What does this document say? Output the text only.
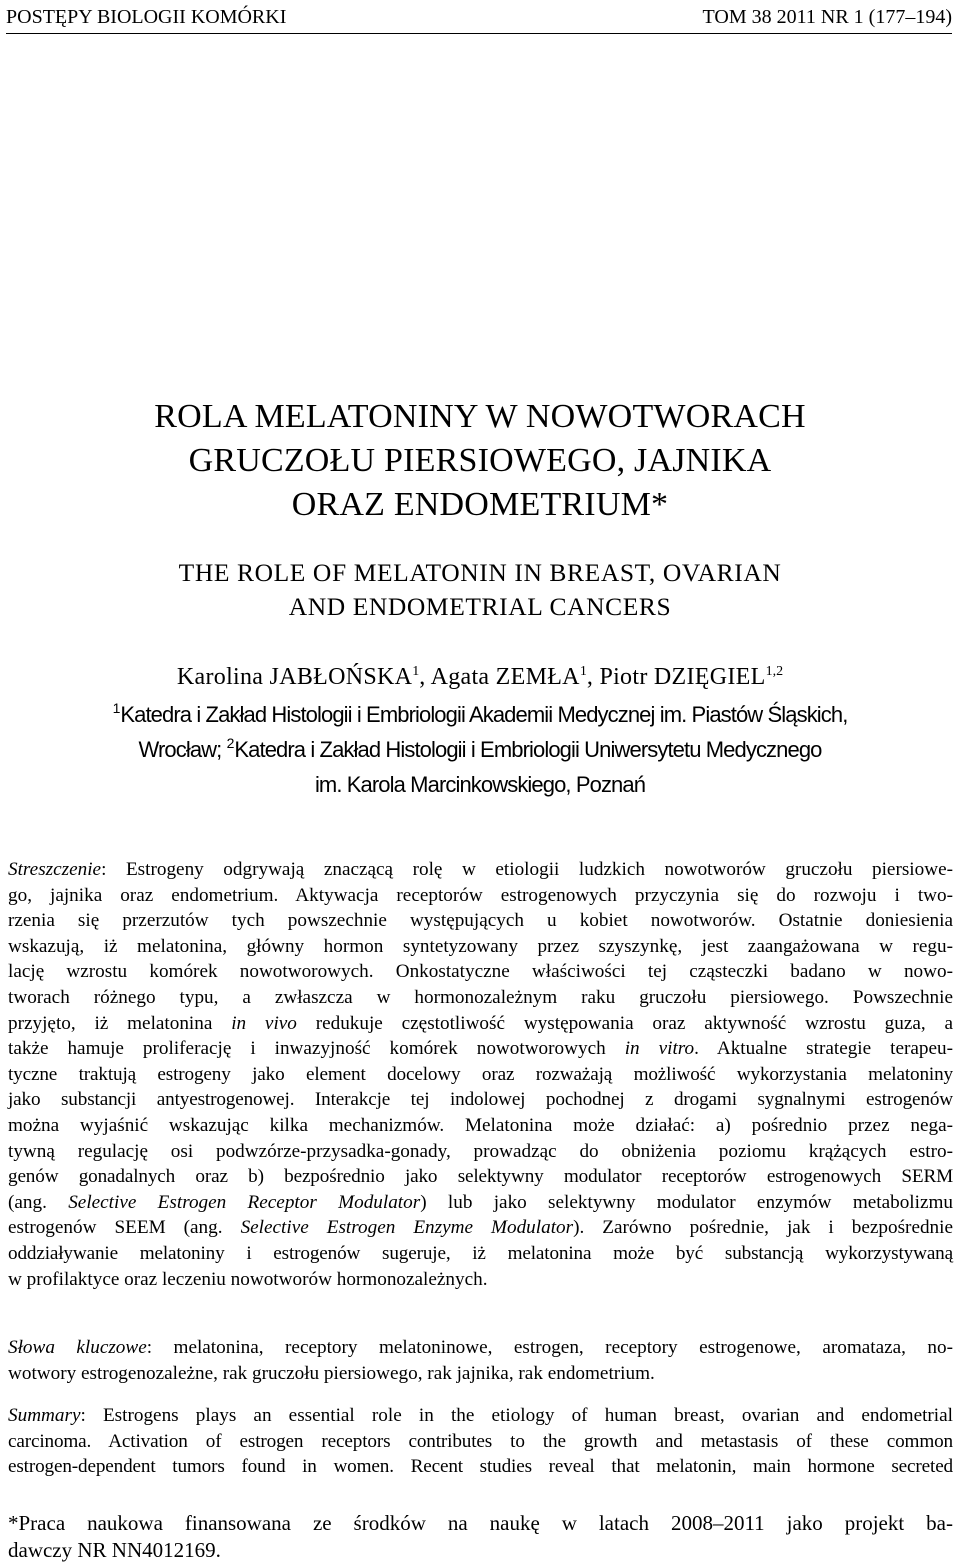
POSTĘPY BIOLOGII KOMÓRKI	TOM 38 2011 NR 1 (177–194)
ROLA MELATONINY W NOWOTWORACH
GRUCZOŁU PIERSIOWEGO, JAJNIKA
ORAZ ENDOMETRIUM*
THE ROLE OF MELATONIN IN BREAST, OVARIAN
AND ENDOMETRIAL CANCERS
Karolina JABŁOŃSKA$^1$, Agata ZEMŁA$^1$, Piotr DZIĘGIEL$^{1,2}$
$^1$Katedra i Zakład Histologii i Embriologii Akademii Medycznej im. Piastów Śląskich,
Wrocław; $^2$Katedra i Zakład Histologii i Embriologii Uniwersytetu Medycznego
im. Karola Marcinkowskiego, Poznań
Streszczenie: Estrogeny odgrywają znaczącą rolę w etiologii ludzkich nowotworów gruczołu piersiowe-
go, jajnika oraz endometrium. Aktywacja receptorów estrogenowych przyczynia się do rozwoju i two-
rzenia się przerzutów tych powszechnie występujących u kobiet nowotworów. Ostatnie doniesienia
wskazują, iż melatonina, główny hormon syntetyzowany przez szyszynkę, jest zaangażowana w regu-
lację wzrostu komórek nowotworowych. Onkostatyczne właściwości tej cząsteczki badano w nowo-
tworach różnego typu, a zwłaszcza w hormonozależnym raku gruczołu piersiowego. Powszechnie
przyjęto, iż melatonina in vivo redukuje częstotliwość występowania oraz aktywność wzrostu guza, a
także hamuje proliferację i inwazyjność komórek nowotworowych in vitro. Aktualne strategie terapeu-
tyczne traktują estrogeny jako element docelowy oraz rozważają możliwość wykorzystania melatoniny
jako substancji antyestrogenowej. Interakcje tej indolowej pochodnej z drogami sygnalnymi estrogenów
można wyjaśnić wskazując kilka mechanizmów. Melatonina może działać: a) pośrednio przez nega-
tywną regulację osi podwzórze-przysadka-gonady, prowadząc do obniżenia poziomu krążących estro-
genów gonadalnych oraz b) bezpośrednio jako selektywny modulator receptorów estrogenowych SERM
(ang. Selective Estrogen Receptor Modulator) lub jako selektywny modulator enzymów metabolizmu
estrogenów SEEM (ang. Selective Estrogen Enzyme Modulator). Zarówno pośrednie, jak i bezpośrednie
oddziaływanie melatoniny i estrogenów sugeruje, iż melatonina może być substancją wykorzystywaną
w profilaktyce oraz leczeniu nowotworów hormonozależnych.
Słowa kluczowe: melatonina, receptory melatoninowe, estrogen, receptory estrogenowe, aromataza, no-
wotwory estrogenozależne, rak gruczołu piersiowego, rak jajnika, rak endometrium.
Summary: Estrogens plays an essential role in the etiology of human breast, ovarian and endometrial
carcinoma. Activation of estrogen receptors contributes to the growth and metastasis of these common
estrogen-dependent tumors found in women. Recent studies reveal that melatonin, main hormone secreted
*Praca naukowa finansowana ze środków na naukę w latach 2008–2011 jako projekt ba-
dawczy NR NN4012169.
